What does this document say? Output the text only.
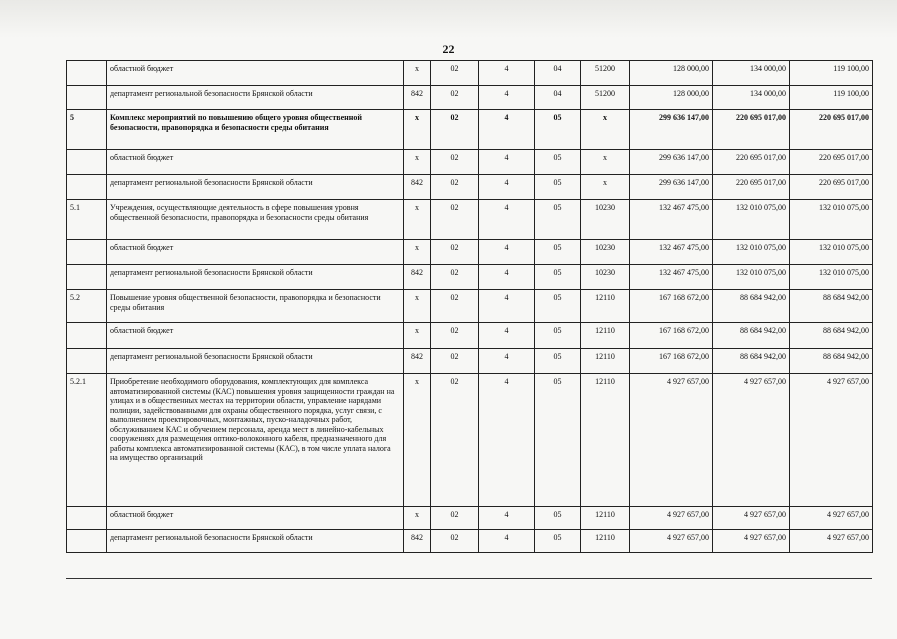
22
	областной бюджет	х	02	4	04	51200	128 000,00	134 000,00	119 100,00
	департамент региональной безопасности Брянской области	842	02	4	04	51200	128 000,00	134 000,00	119 100,00
5	Комплекс мероприятий по повышению общего уровня общественной безопасности, правопорядка и безопасности среды обитания	х	02	4	05	х	299 636 147,00	220 695 017,00	220 695 017,00
	областной бюджет	х	02	4	05	х	299 636 147,00	220 695 017,00	220 695 017,00
	департамент региональной безопасности Брянской области	842	02	4	05	х	299 636 147,00	220 695 017,00	220 695 017,00
5.1	Учреждения, осуществляющие деятельность в сфере повышения уровня общественной безопасности, правопорядка и безопасности среды обитания	х	02	4	05	10230	132 467 475,00	132 010 075,00	132 010 075,00
	областной бюджет	х	02	4	05	10230	132 467 475,00	132 010 075,00	132 010 075,00
	департамент региональной безопасности Брянской области	842	02	4	05	10230	132 467 475,00	132 010 075,00	132 010 075,00
5.2	Повышение уровня общественной безопасности, правопорядка и безопасности среды обитания	х	02	4	05	12110	167 168 672,00	88 684 942,00	88 684 942,00
	областной бюджет	х	02	4	05	12110	167 168 672,00	88 684 942,00	88 684 942,00
	департамент региональной безопасности Брянской области	842	02	4	05	12110	167 168 672,00	88 684 942,00	88 684 942,00
5.2.1	Приобретение необходимого оборудования, комплектующих для комплекса автоматизированной системы (КАС) повышения уровня защищенности граждан на улицах и в общественных местах на территории области, управление нарядами полиции, задействованными для охраны общественного порядка, услуг связи, с выполнением проектировочных, монтажных, пуско-наладочных работ, обслуживанием КАС и обучением персонала, аренда мест в линейно-кабельных сооружениях для размещения оптико-волоконного кабеля, предназначенного для работы комплекса автоматизированной системы (КАС), в том числе уплата налога на имущество организаций	х	02	4	05	12110	4 927 657,00	4 927 657,00	4 927 657,00
	областной бюджет	х	02	4	05	12110	4 927 657,00	4 927 657,00	4 927 657,00
	департамент региональной безопасности Брянской области	842	02	4	05	12110	4 927 657,00	4 927 657,00	4 927 657,00
